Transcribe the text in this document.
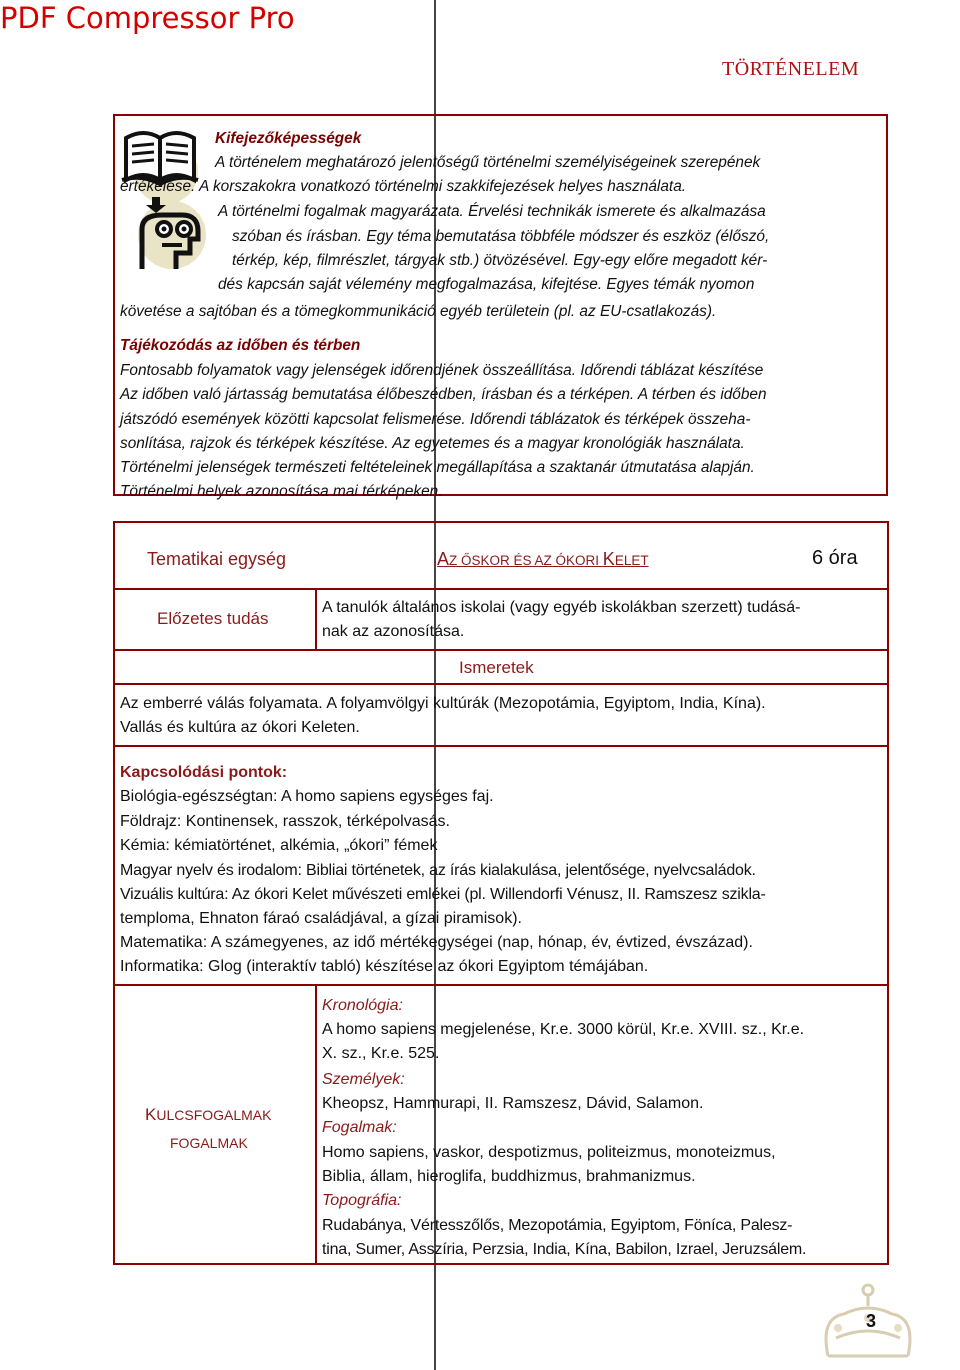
PDF Compressor Pro
TÖRTÉNELEM
Kifejezőképességek
A történelem meghatározó jelentőségű történelmi személyiségeinek szerepének
értékelése. A korszakokra vonatkozó történelmi szakkifejezések helyes használata.
A történelmi fogalmak magyarázata. Érvelési technikák ismerete és alkalmazása
szóban és írásban. Egy téma bemutatása többféle módszer és eszköz (élőszó,
térkép, kép, filmrészlet, tárgyak stb.) ötvözésével. Egy-egy előre megadott kér-
dés kapcsán saját vélemény megfogalmazása, kifejtése. Egyes témák nyomon
követése a sajtóban és a tömegkommunikáció egyéb területein (pl. az EU-csatlakozás).
Tájékozódás az időben és térben
Fontosabb folyamatok vagy jelenségek időrendjének összeállítása. Időrendi táblázat készítése
Az időben való jártasság bemutatása élőbeszédben, írásban és a térképen. A térben és időben
játszódó események közötti kapcsolat felismerése. Időrendi táblázatok és térképek összeha-
sonlítása, rajzok és térképek készítése. Az egyetemes és a magyar kronológiák használata.
Történelmi jelenségek természeti feltételeinek megállapítása a szaktanár útmutatása alapján.
Történelmi helyek azonosítása mai térképeken.
Tematikai egység	AZ ŐSKOR ÉS AZ ÓKORI KELET	6 óra
Előzetes tudás
A tanulók általános iskolai (vagy egyéb iskolákban szerzett) tudásá-
nak az azonosítása.
Ismeretek
Az emberré válás folyamata. A folyamvölgyi kultúrák (Mezopotámia, Egyiptom, India, Kína).
Vallás és kultúra az ókori Keleten.
Kapcsolódási pontok:
Biológia-egészségtan: A homo sapiens egységes faj.
Földrajz: Kontinensek, rasszok, térképolvasás.
Kémia: kémiatörténet, alkémia, „ókori” fémek
Magyar nyelv és irodalom: Bibliai történetek, az írás kialakulása, jelentősége, nyelvcsaládok.
Vizuális kultúra: Az ókori Kelet művészeti emlékei (pl. Willendorfi Vénusz, II. Ramszesz szikla-
temploma, Ehnaton fáraó családjával, a gízai piramisok).
Matematika: A számegyenes, az idő mértékegységei (nap, hónap, év, évtized, évszázad).
Informatika: Glog (interaktív tabló) készítése az ókori Egyiptom témájában.
KULCSFOGALMAK
FOGALMAK
Kronológia:
A homo sapiens megjelenése, Kr.e. 3000 körül, Kr.e. XVIII. sz., Kr.e.
X. sz., Kr.e. 525.
Személyek:
Kheopsz, Hammurapi, II. Ramszesz, Dávid, Salamon.
Fogalmak:
Homo sapiens, vaskor, despotizmus, politeizmus, monoteizmus,
Biblia, állam, hieroglifa, buddhizmus, brahmanizmus.
Topográfia:
Rudabánya, Vértesszőlős, Mezopotámia, Egyiptom, Föníca, Palesz-
tina, Sumer, Asszíria, Perzsia, India, Kína, Babilon, Izrael, Jeruzsálem.
3
